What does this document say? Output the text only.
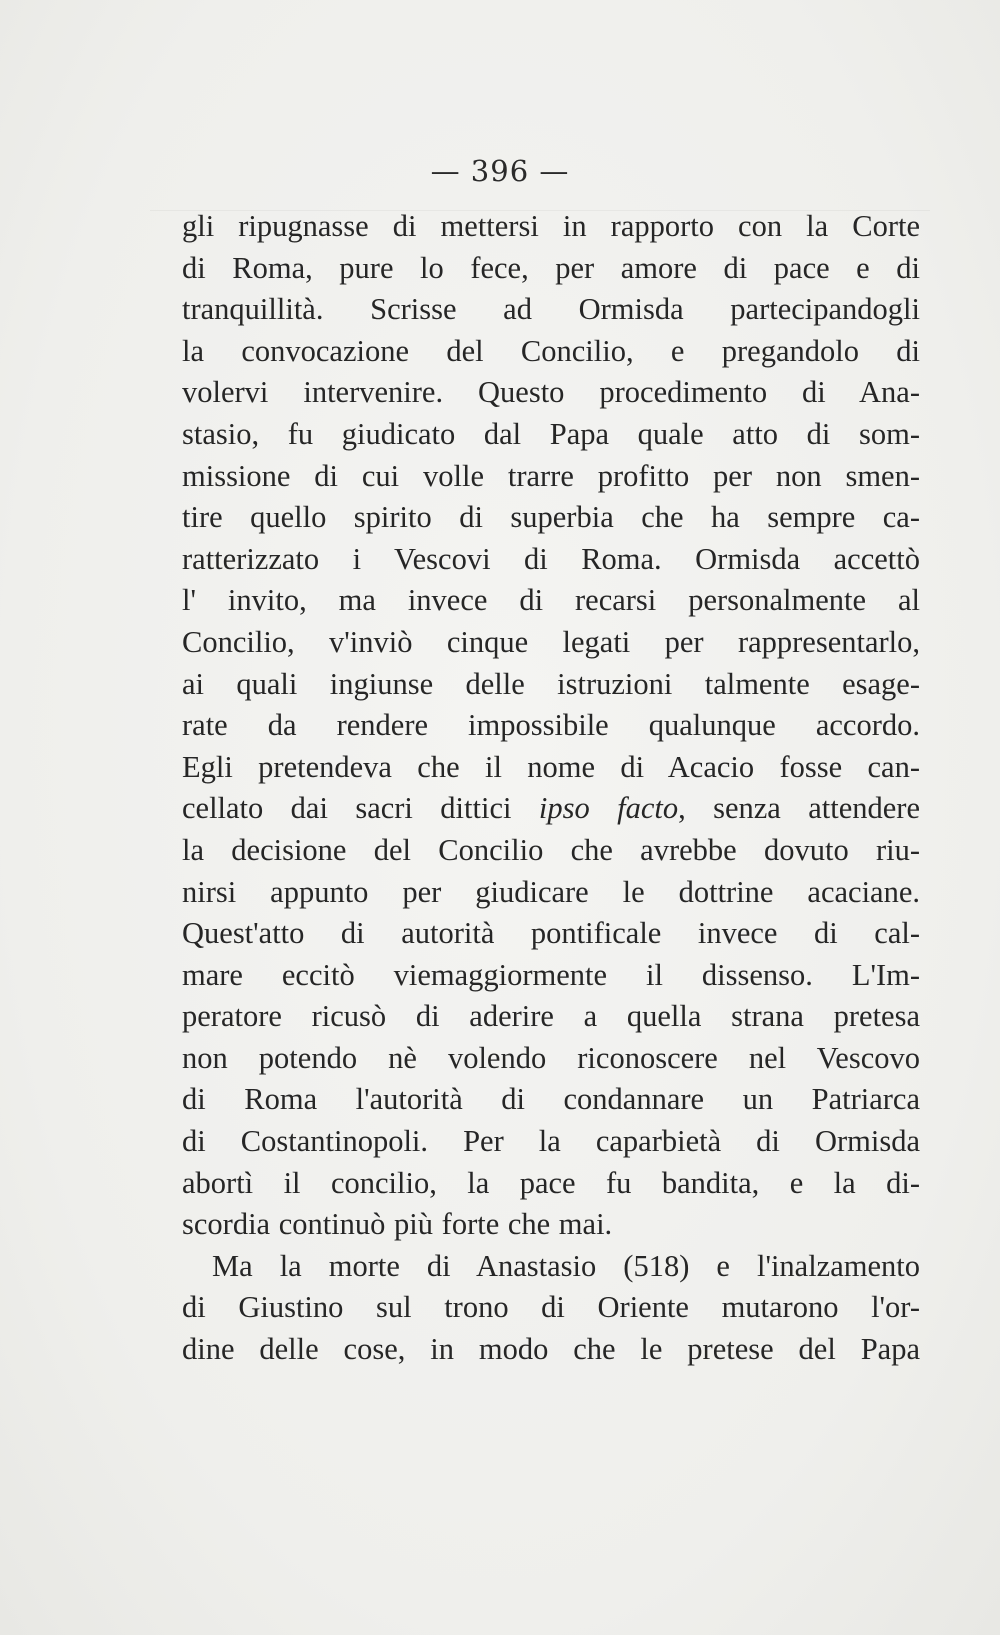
— 396 —
gli ripugnasse di mettersi in rapporto con la Corte
di Roma, pure lo fece, per amore di pace e di
tranquillità. Scrisse ad Ormisda partecipandogli
la convocazione del Concilio, e pregandolo di
volervi intervenire. Questo procedimento di Ana-
stasio, fu giudicato dal Papa quale atto di som-
missione di cui volle trarre profitto per non smen-
tire quello spirito di superbia che ha sempre ca-
ratterizzato i Vescovi di Roma. Ormisda accettò
l' invito, ma invece di recarsi personalmente al
Concilio, v'inviò cinque legati per rappresentarlo,
ai quali ingiunse delle istruzioni talmente esage-
rate da rendere impossibile qualunque accordo.
Egli pretendeva che il nome di Acacio fosse can-
cellato dai sacri dittici ipso facto, senza attendere
la decisione del Concilio che avrebbe dovuto riu-
nirsi appunto per giudicare le dottrine acaciane.
Quest'atto di autorità pontificale invece di cal-
mare eccitò viemaggiormente il dissenso. L'Im-
peratore ricusò di aderire a quella strana pretesa
non potendo nè volendo riconoscere nel Vescovo
di Roma l'autorità di condannare un Patriarca
di Costantinopoli. Per la caparbietà di Ormisda
abortì il concilio, la pace fu bandita, e la di-
scordia continuò più forte che mai.
Ma la morte di Anastasio (518) e l'inalzamento
di Giustino sul trono di Oriente mutarono l'or-
dine delle cose, in modo che le pretese del Papa
